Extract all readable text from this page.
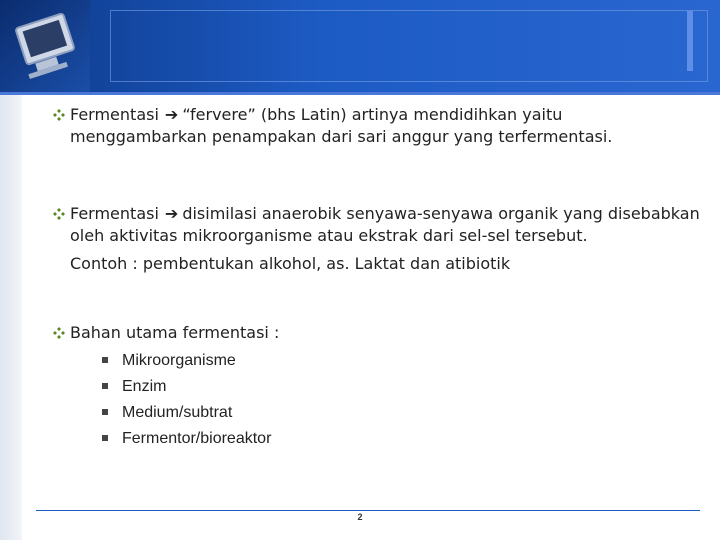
Fermentasi ➔ “fervere” (bhs Latin) artinya mendidihkan yaitu menggambarkan penampakan dari sari anggur yang terfermentasi.
Fermentasi ➔ disimilasi anaerobik senyawa-senyawa organik yang disebabkan oleh aktivitas mikroorganisme atau ekstrak dari sel-sel tersebut.
Contoh : pembentukan alkohol, as. Laktat dan atibiotik
Bahan utama fermentasi :
Mikroorganisme
Enzim
Medium/subtrat
Fermentor/bioreaktor
2
